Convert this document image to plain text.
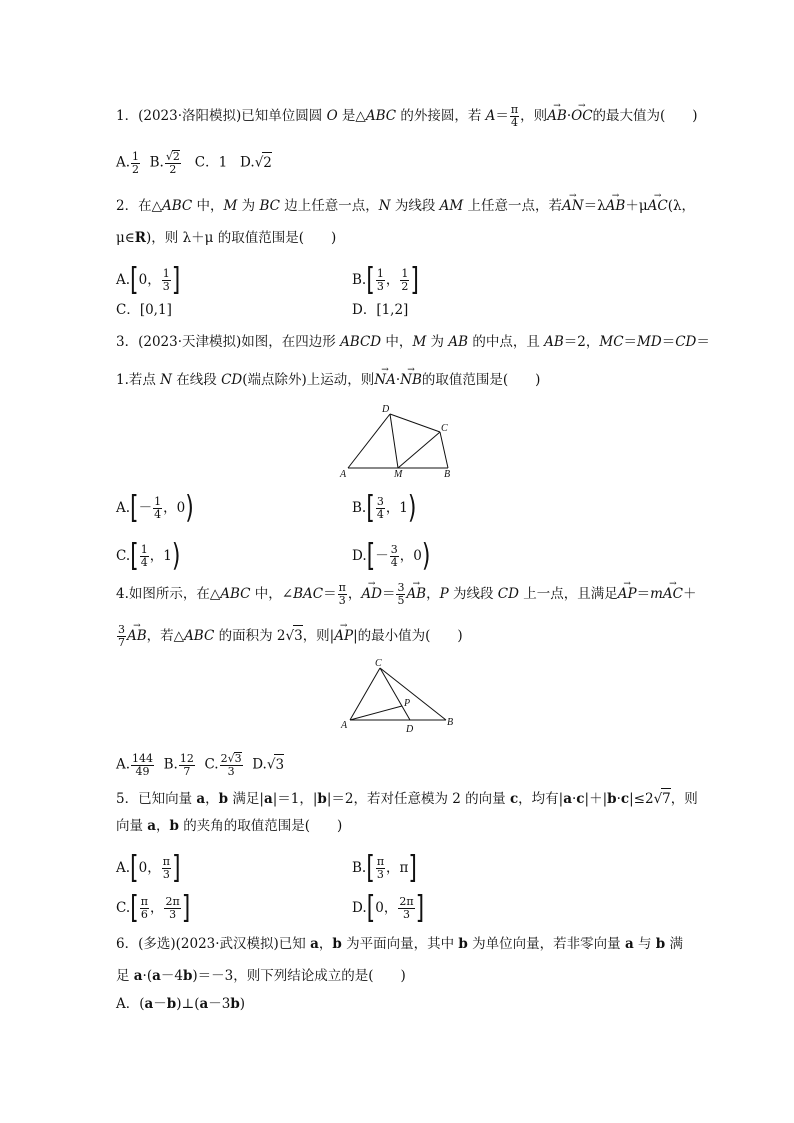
1．(2023·洛阳模拟)已知单位圆圆 O 是△ABC 的外接圆，若 $A= \frac{\pi}{4}$ ，则→ AB·→ OC的最大值为(　　)
A. $\frac{1}{2} B$. $\frac{√2}{2}$ C．1 D.√2
2．在△ABC 中，M 为 BC 边上任意一点，N 为线段 AM 上任意一点，若→ AN＝λ→ AB＋μ→ AC(λ，
μ∈R)，则 λ＋μ 的取值范围是(　　)
A.[0， $\frac{1}{3}$ ]	$B.[ \frac{1}{3}$ ， $\frac{1}{2}$ ]
C．[0,1]	D．[1,2]
3．(2023·天津模拟)如图，在四边形 ABCD 中，M 为 AB 的中点，且 AB＝2，MC＝MD＝CD＝
1.若点 N 在线段 CD(端点除外)上运动，则→ NA·→ NB的取值范围是(　　)
A	M	B
C
D
$A.[- \frac{1}{4}$ ，0)	$B.[ \frac{3}{4}$ ，1)
$C.[ \frac{1}{4}$ ，1)	$D.[- \frac{3}{4}$ ，0)
4.如图所示，在△ABC 中，∠BAC＝ $\frac{\pi}{3}$ ，→ $AD= \frac{3}{5}$ → AB，P 为线段 CD 上一点，且满足→ AP＝m→ AC＋
$\frac{3}{7}$ → AB，若△ABC 的面积为 2√3，则|→ AP|的最小值为(　　)
A	B
C
D
P
A. $\frac{144}{49} B$. $\frac{12}{7} C$. $\frac{2√3}{3} D.√3$
5．已知向量 a，b 满足|a|＝1，|b|＝2，若对任意模为 2 的向量 c，均有|a·c|＋|b·c|≤2√7，则
向量 a，b 的夹角的取值范围是(　　)
A.[0， $\frac{\pi}{3}$ ]	$B.[ \frac{\pi}{3}$ ，π]
$C.[ \frac{\pi}{6}$ ， $\frac{2\pi}{3}$ ]	D.[0， $\frac{2\pi}{3}$ ]
6．(多选)(2023·武汉模拟)已知 a，b 为平面向量，其中 b 为单位向量，若非零向量 a 与 b 满
足 a·(a－4b)＝－3，则下列结论成立的是(　　)
A．(a－b)⊥(a－3b)
